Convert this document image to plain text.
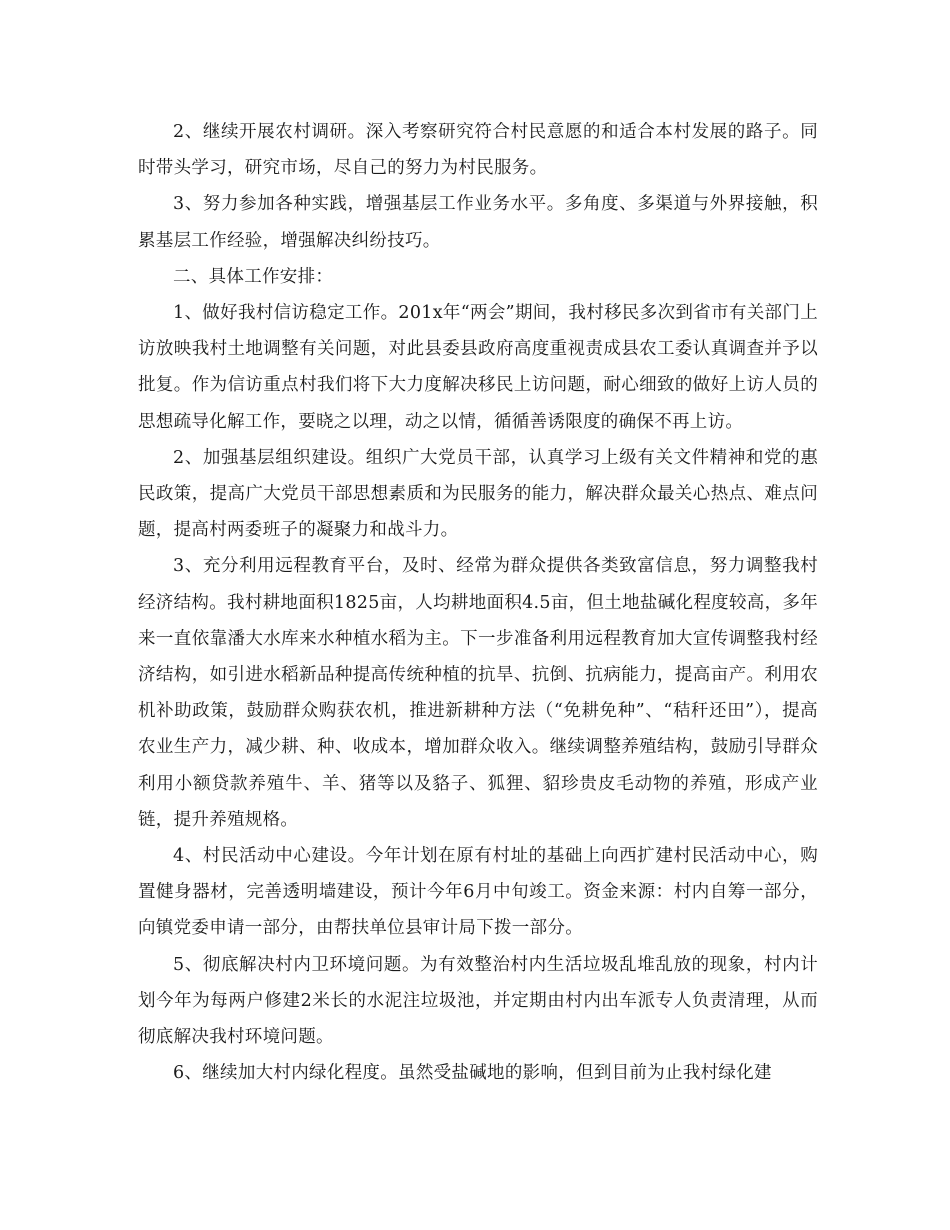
2、继续开展农村调研。深入考察研究符合村民意愿的和适合本村发展的路子。同时带头学习，研究市场，尽自己的努力为村民服务。

3、努力参加各种实践，增强基层工作业务水平。多角度、多渠道与外界接触，积累基层工作经验，增强解决纠纷技巧。

二、具体工作安排：

1、做好我村信访稳定工作。201x年“两会”期间，我村移民多次到省市有关部门上访放映我村土地调整有关问题，对此县委县政府高度重视责成县农工委认真调查并予以批复。作为信访重点村我们将下大力度解决移民上访问题，耐心细致的做好上访人员的思想疏导化解工作，要晓之以理，动之以情，循循善诱限度的确保不再上访。

2、加强基层组织建设。组织广大党员干部，认真学习上级有关文件精神和党的惠民政策，提高广大党员干部思想素质和为民服务的能力，解决群众最关心热点、难点问题，提高村两委班子的凝聚力和战斗力。

3、充分利用远程教育平台，及时、经常为群众提供各类致富信息，努力调整我村经济结构。我村耕地面积1825亩，人均耕地面积4.5亩，但土地盐碱化程度较高，多年来一直依靠潘大水库来水种植水稻为主。下一步准备利用远程教育加大宣传调整我村经济结构，如引进水稻新品种提高传统种植的抗旱、抗倒、抗病能力，提高亩产。利用农机补助政策，鼓励群众购获农机，推进新耕种方法（“免耕免种”、“秸秆还田”），提高农业生产力，减少耕、种、收成本，增加群众收入。继续调整养殖结构，鼓励引导群众利用小额贷款养殖牛、羊、猪等以及貉子、狐狸、貂珍贵皮毛动物的养殖，形成产业链，提升养殖规格。

4、村民活动中心建设。今年计划在原有村址的基础上向西扩建村民活动中心，购置健身器材，完善透明墙建设，预计今年6月中旬竣工。资金来源：村内自筹一部分，向镇党委申请一部分，由帮扶单位县审计局下拨一部分。

5、彻底解决村内卫环境问题。为有效整治村内生活垃圾乱堆乱放的现象，村内计划今年为每两户修建2米长的水泥注垃圾池，并定期由村内出车派专人负责清理，从而彻底解决我村环境问题。

6、继续加大村内绿化程度。虽然受盐碱地的影响，但到目前为止我村绿化建
